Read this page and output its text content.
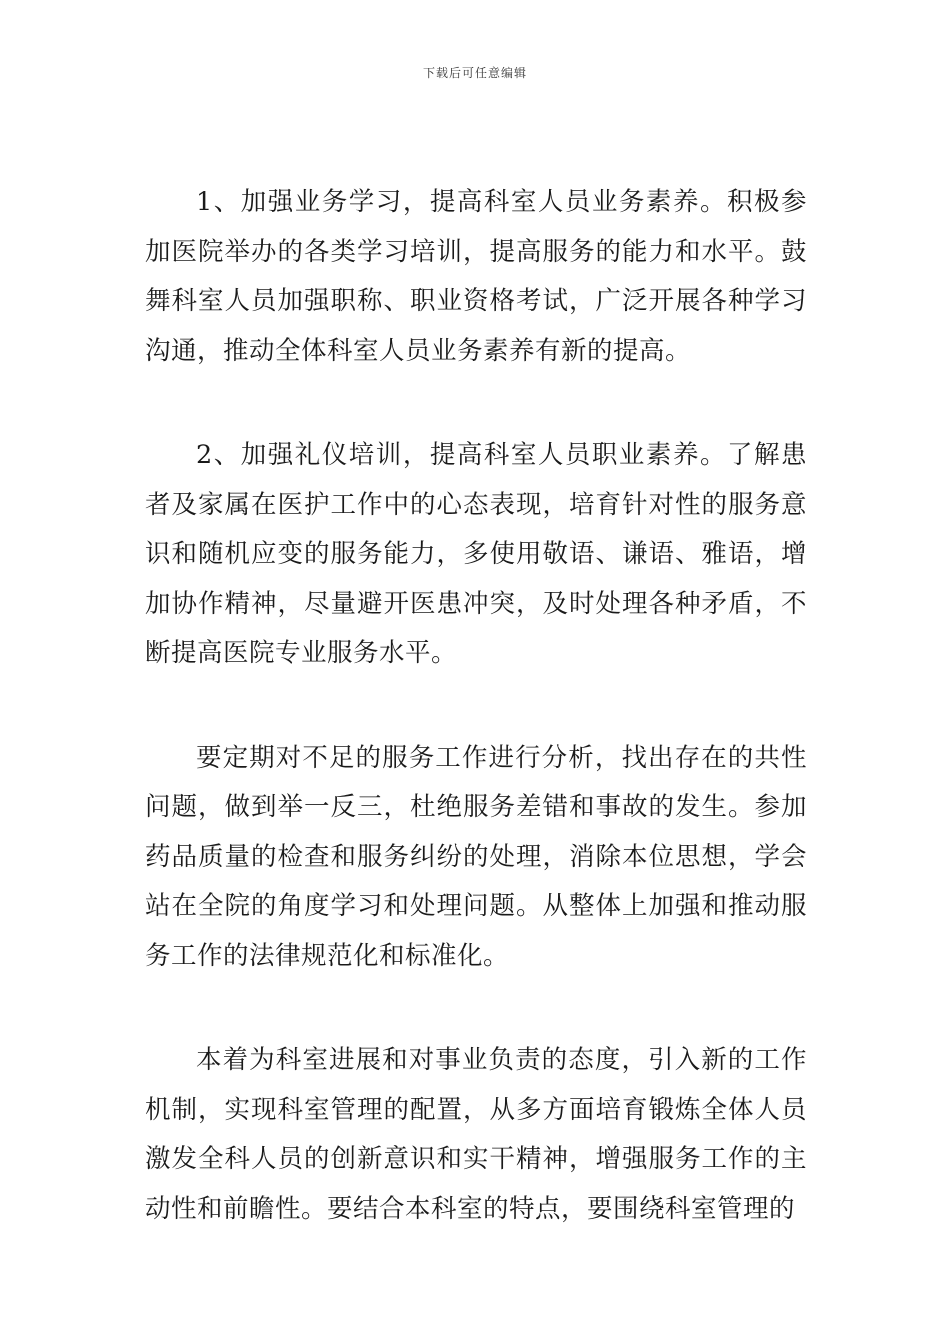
下载后可任意编辑

1、加强业务学习，提高科室人员业务素养。积极参加医院举办的各类学习培训，提高服务的能力和水平。鼓舞科室人员加强职称、职业资格考试，广泛开展各种学习沟通，推动全体科室人员业务素养有新的提高。

2、加强礼仪培训，提高科室人员职业素养。了解患者及家属在医护工作中的心态表现，培育针对性的服务意识和随机应变的服务能力，多使用敬语、谦语、雅语，增加协作精神，尽量避开医患冲突，及时处理各种矛盾，不断提高医院专业服务水平。

要定期对不足的服务工作进行分析，找出存在的共性问题，做到举一反三，杜绝服务差错和事故的发生。参加药品质量的检查和服务纠纷的处理，消除本位思想，学会站在全院的角度学习和处理问题。从整体上加强和推动服务工作的法律规范化和标准化。

本着为科室进展和对事业负责的态度，引入新的工作机制，实现科室管理的配置，从多方面培育锻炼全体人员激发全科人员的创新意识和实干精神，增强服务工作的主动性和前瞻性。要结合本科室的特点，要围绕科室管理的
